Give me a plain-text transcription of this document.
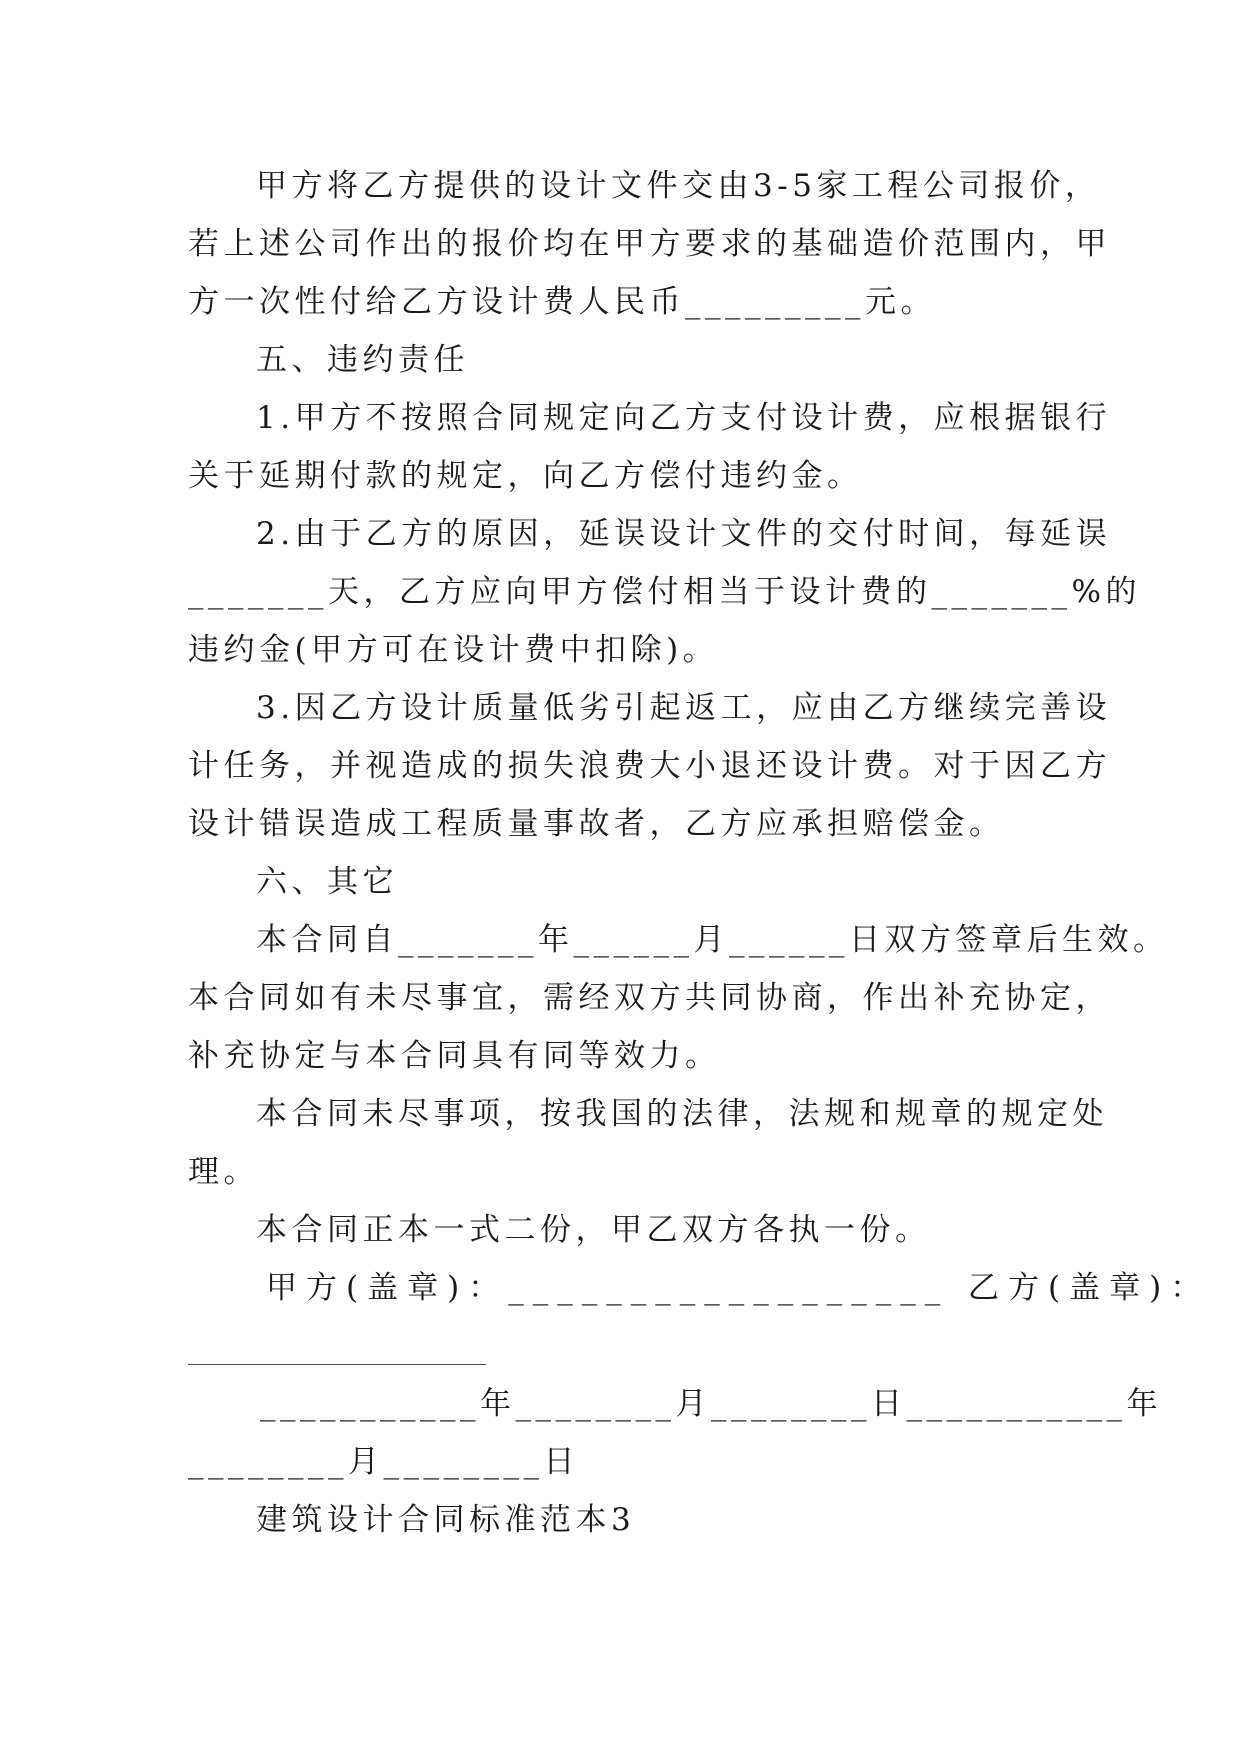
甲方将乙方提供的设计文件交由3-5家工程公司报价，
若上述公司作出的报价均在甲方要求的基础造价范围内，甲
方一次性付给乙方设计费人民币_________元。
五、违约责任
1.甲方不按照合同规定向乙方支付设计费，应根据银行
关于延期付款的规定，向乙方偿付违约金。
2.由于乙方的原因，延误设计文件的交付时间，每延误
_______天，乙方应向甲方偿付相当于设计费的_______%的
违约金(甲方可在设计费中扣除)。
3.因乙方设计质量低劣引起返工，应由乙方继续完善设
计任务，并视造成的损失浪费大小退还设计费。对于因乙方
设计错误造成工程质量事故者，乙方应承担赔偿金。
六、其它
本合同自_______年______月______日双方签章后生效。
本合同如有未尽事宜，需经双方共同协商，作出补充协定，
补充协定与本合同具有同等效力。
本合同未尽事项，按我国的法律，法规和规章的规定处
理。
本合同正本一式二份，甲乙双方各执一份。
甲方(盖章)：__________________ 乙方(盖章)：
___________年________月________日___________年
________月________日
建筑设计合同标准范本3
